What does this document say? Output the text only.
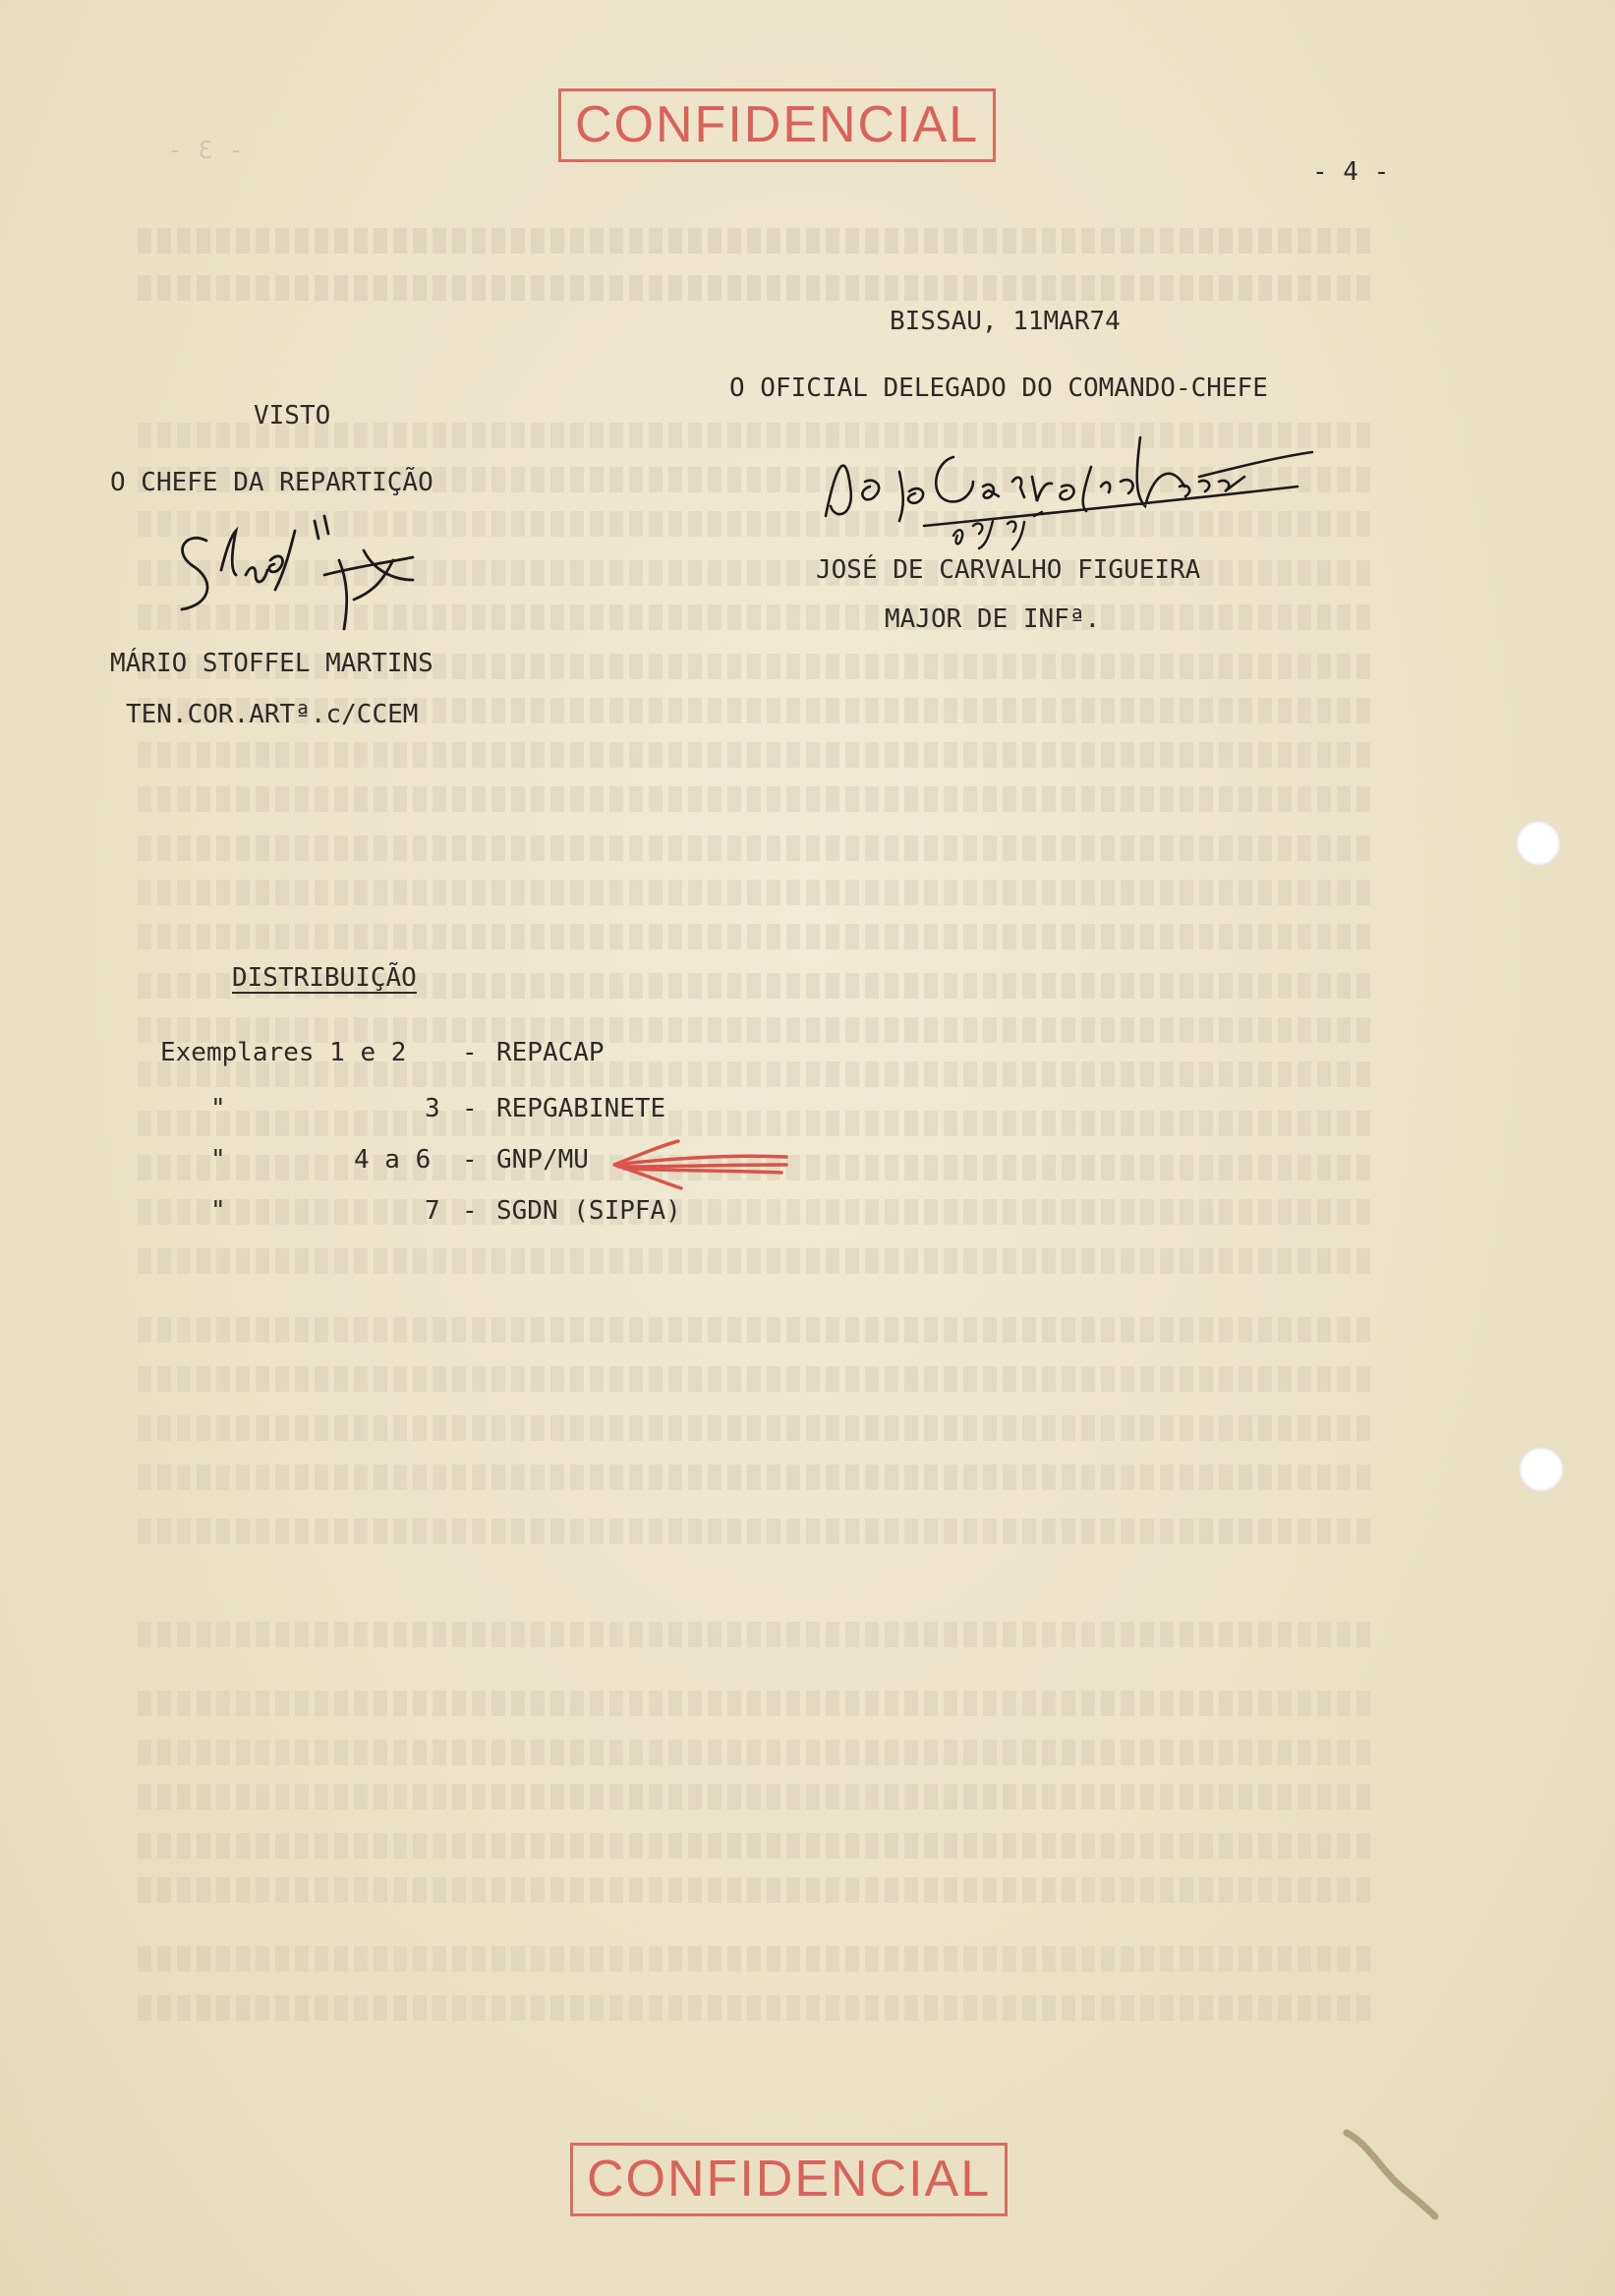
- 3 -	CONFIDENCIAL
- 4 -
BISSAU, 11MAR74
O OFICIAL DELEGADO DO COMANDO-CHEFE
JOSÉ DE CARVALHO FIGUEIRA
MAJOR DE INFª.
VISTO
O CHEFE DA REPARTIÇÃO
MÁRIO STOFFEL MARTINS
TEN.COR.ARTª.c/CCEM
DISTRIBUIÇÃO
Exemplares 1 e 2 - REPACAP
"	3 - REPGABINETE
"	4 a 6 - GNP/MU
"	7 - SGDN (SIPFA)
CONFIDENCIAL
